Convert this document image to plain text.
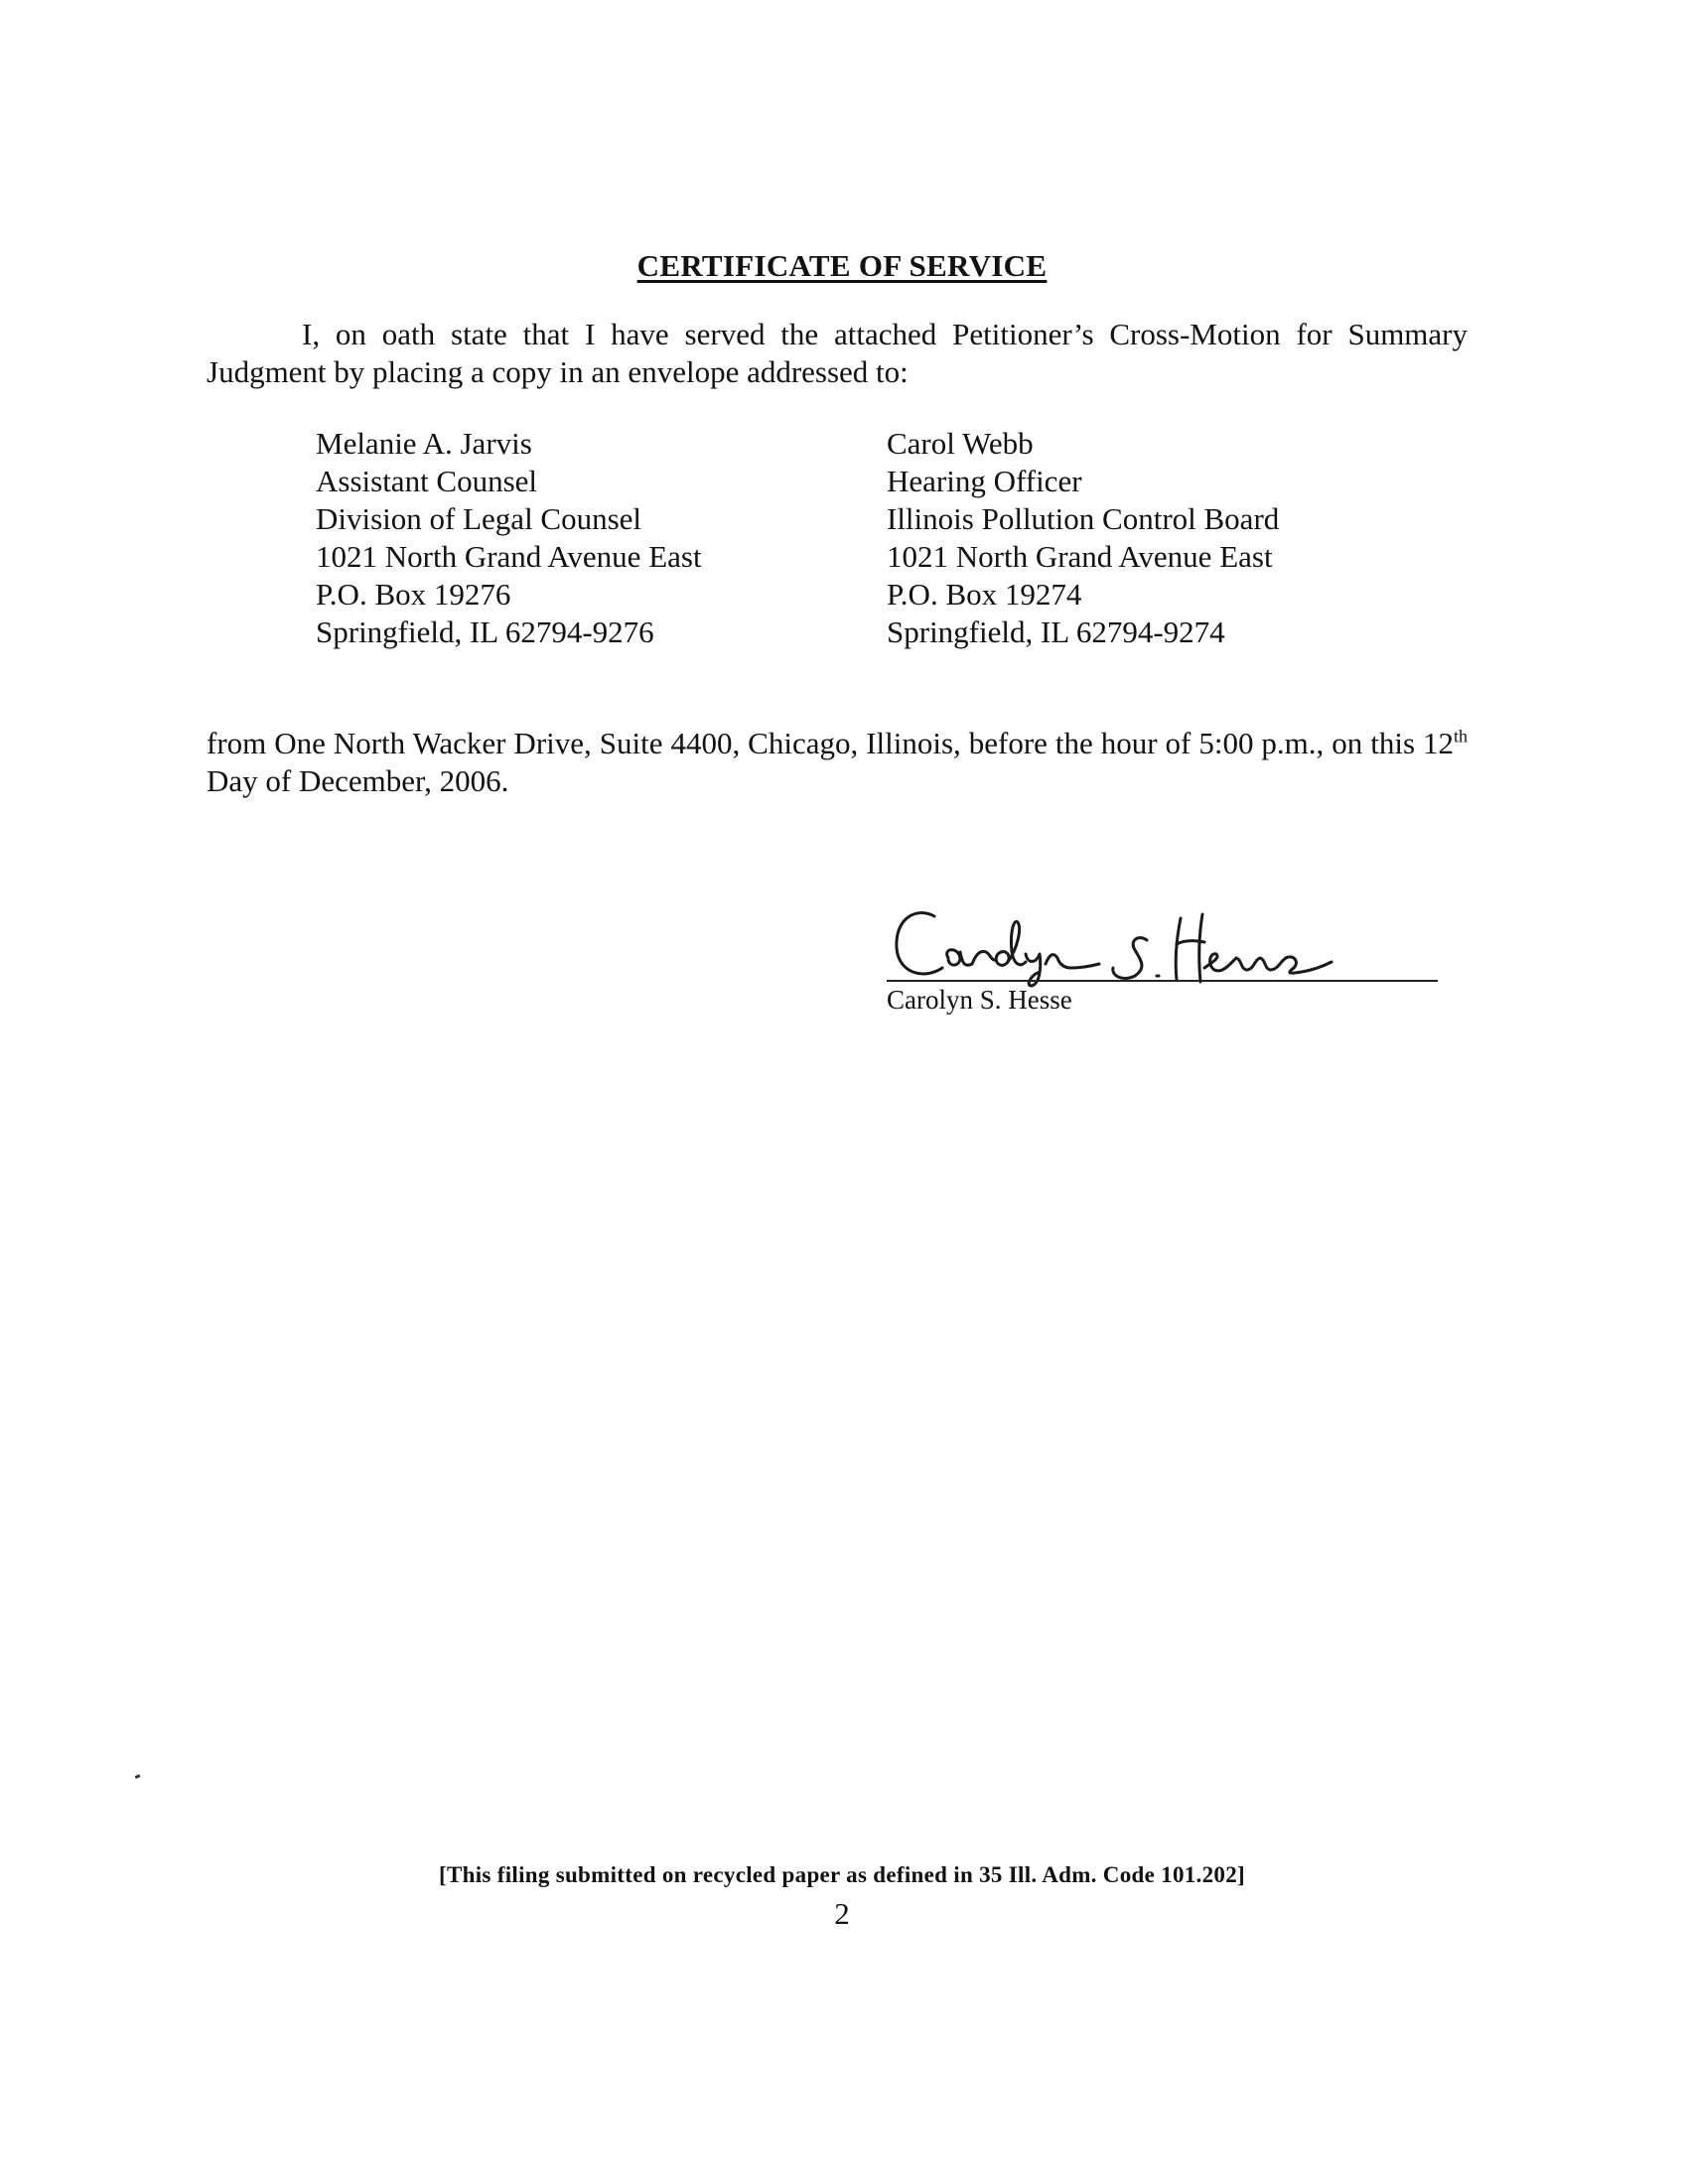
CERTIFICATE OF SERVICE

I, on oath state that I have served the attached Petitioner’s Cross-Motion for Summary Judgment by placing a copy in an envelope addressed to:

Melanie A. Jarvis
Assistant Counsel
Division of Legal Counsel
1021 North Grand Avenue East
P.O. Box 19276
Springfield, IL 62794-9276
Carol Webb
Hearing Officer
Illinois Pollution Control Board
1021 North Grand Avenue East
P.O. Box 19274
Springfield, IL 62794-9274

from One North Wacker Drive, Suite 4400, Chicago, Illinois, before the hour of 5:00 p.m., on this 12th Day of December, 2006.

Carolyn S. Hesse
[This filing submitted on recycled paper as defined in 35 Ill. Adm. Code 101.202]
2
